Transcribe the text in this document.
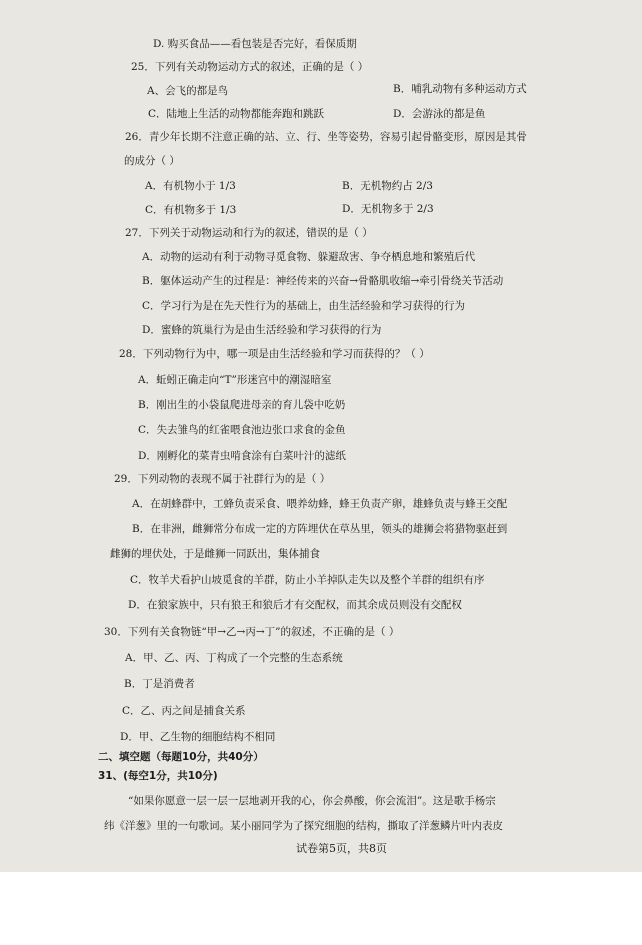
D. 购买食品——看包装是否完好，看保质期
25．下列有关动物运动方式的叙述，正确的是（ ）
A、会飞的都是鸟	B．哺乳动物有多种运动方式
C．陆地上生活的动物都能奔跑和跳跃	D．会游泳的都是鱼
26．青少年长期不注意正确的站、立、行、坐等姿势，容易引起骨骼变形，原因是其骨
的成分（ ）
A．有机物小于 1/3	B．无机物约占 2/3
C．有机物多于 1/3	D．无机物多于 2/3
27．下列关于动物运动和行为的叙述，错误的是（ ）
A．动物的运动有利于动物寻觅食物、躲避敌害、争夺栖息地和繁殖后代
B．躯体运动产生的过程是：神经传来的兴奋→骨骼肌收缩→牵引骨绕关节活动
C．学习行为是在先天性行为的基础上，由生活经验和学习获得的行为
D．蜜蜂的筑巢行为是由生活经验和学习获得的行为
28．下列动物行为中，哪一项是由生活经验和学习而获得的？（ ）
A．蚯蚓正确走向“T”形迷宫中的潮湿暗室
B．刚出生的小袋鼠爬进母亲的育儿袋中吃奶
C．失去雏鸟的红雀喂食池边张口求食的金鱼
D．刚孵化的菜青虫啃食涂有白菜叶汁的滤纸
29．下列动物的表现不属于社群行为的是（ ）
A．在胡蜂群中，工蜂负责采食、喂养幼蜂，蜂王负责产卵，雄蜂负责与蜂王交配
B．在非洲，雌狮常分布成一定的方阵埋伏在草丛里，领头的雄狮会将猎物驱赶到
雌狮的埋伏处，于是雌狮一同跃出，集体捕食
C．牧羊犬看护山坡觅食的羊群，防止小羊掉队走失以及整个羊群的组织有序
D．在狼家族中，只有狼王和狼后才有交配权，而其余成员则没有交配权
30．下列有关食物链“甲→乙→丙→丁”的叙述，不正确的是（ ）
A．甲、乙、丙、丁构成了一个完整的生态系统
B．丁是消费者
C．乙、丙之间是捕食关系
D．甲、乙生物的细胞结构不相同
二、填空题（每题10分，共40分）
31、(每空1分，共10分)
“如果你愿意一层一层一层地剥开我的心，你会鼻酸，你会流泪”。这是歌手杨宗
纬《洋葱》里的一句歌词。某小丽同学为了探究细胞的结构，撕取了洋葱鳞片叶内表皮
试卷第5页，共8页
